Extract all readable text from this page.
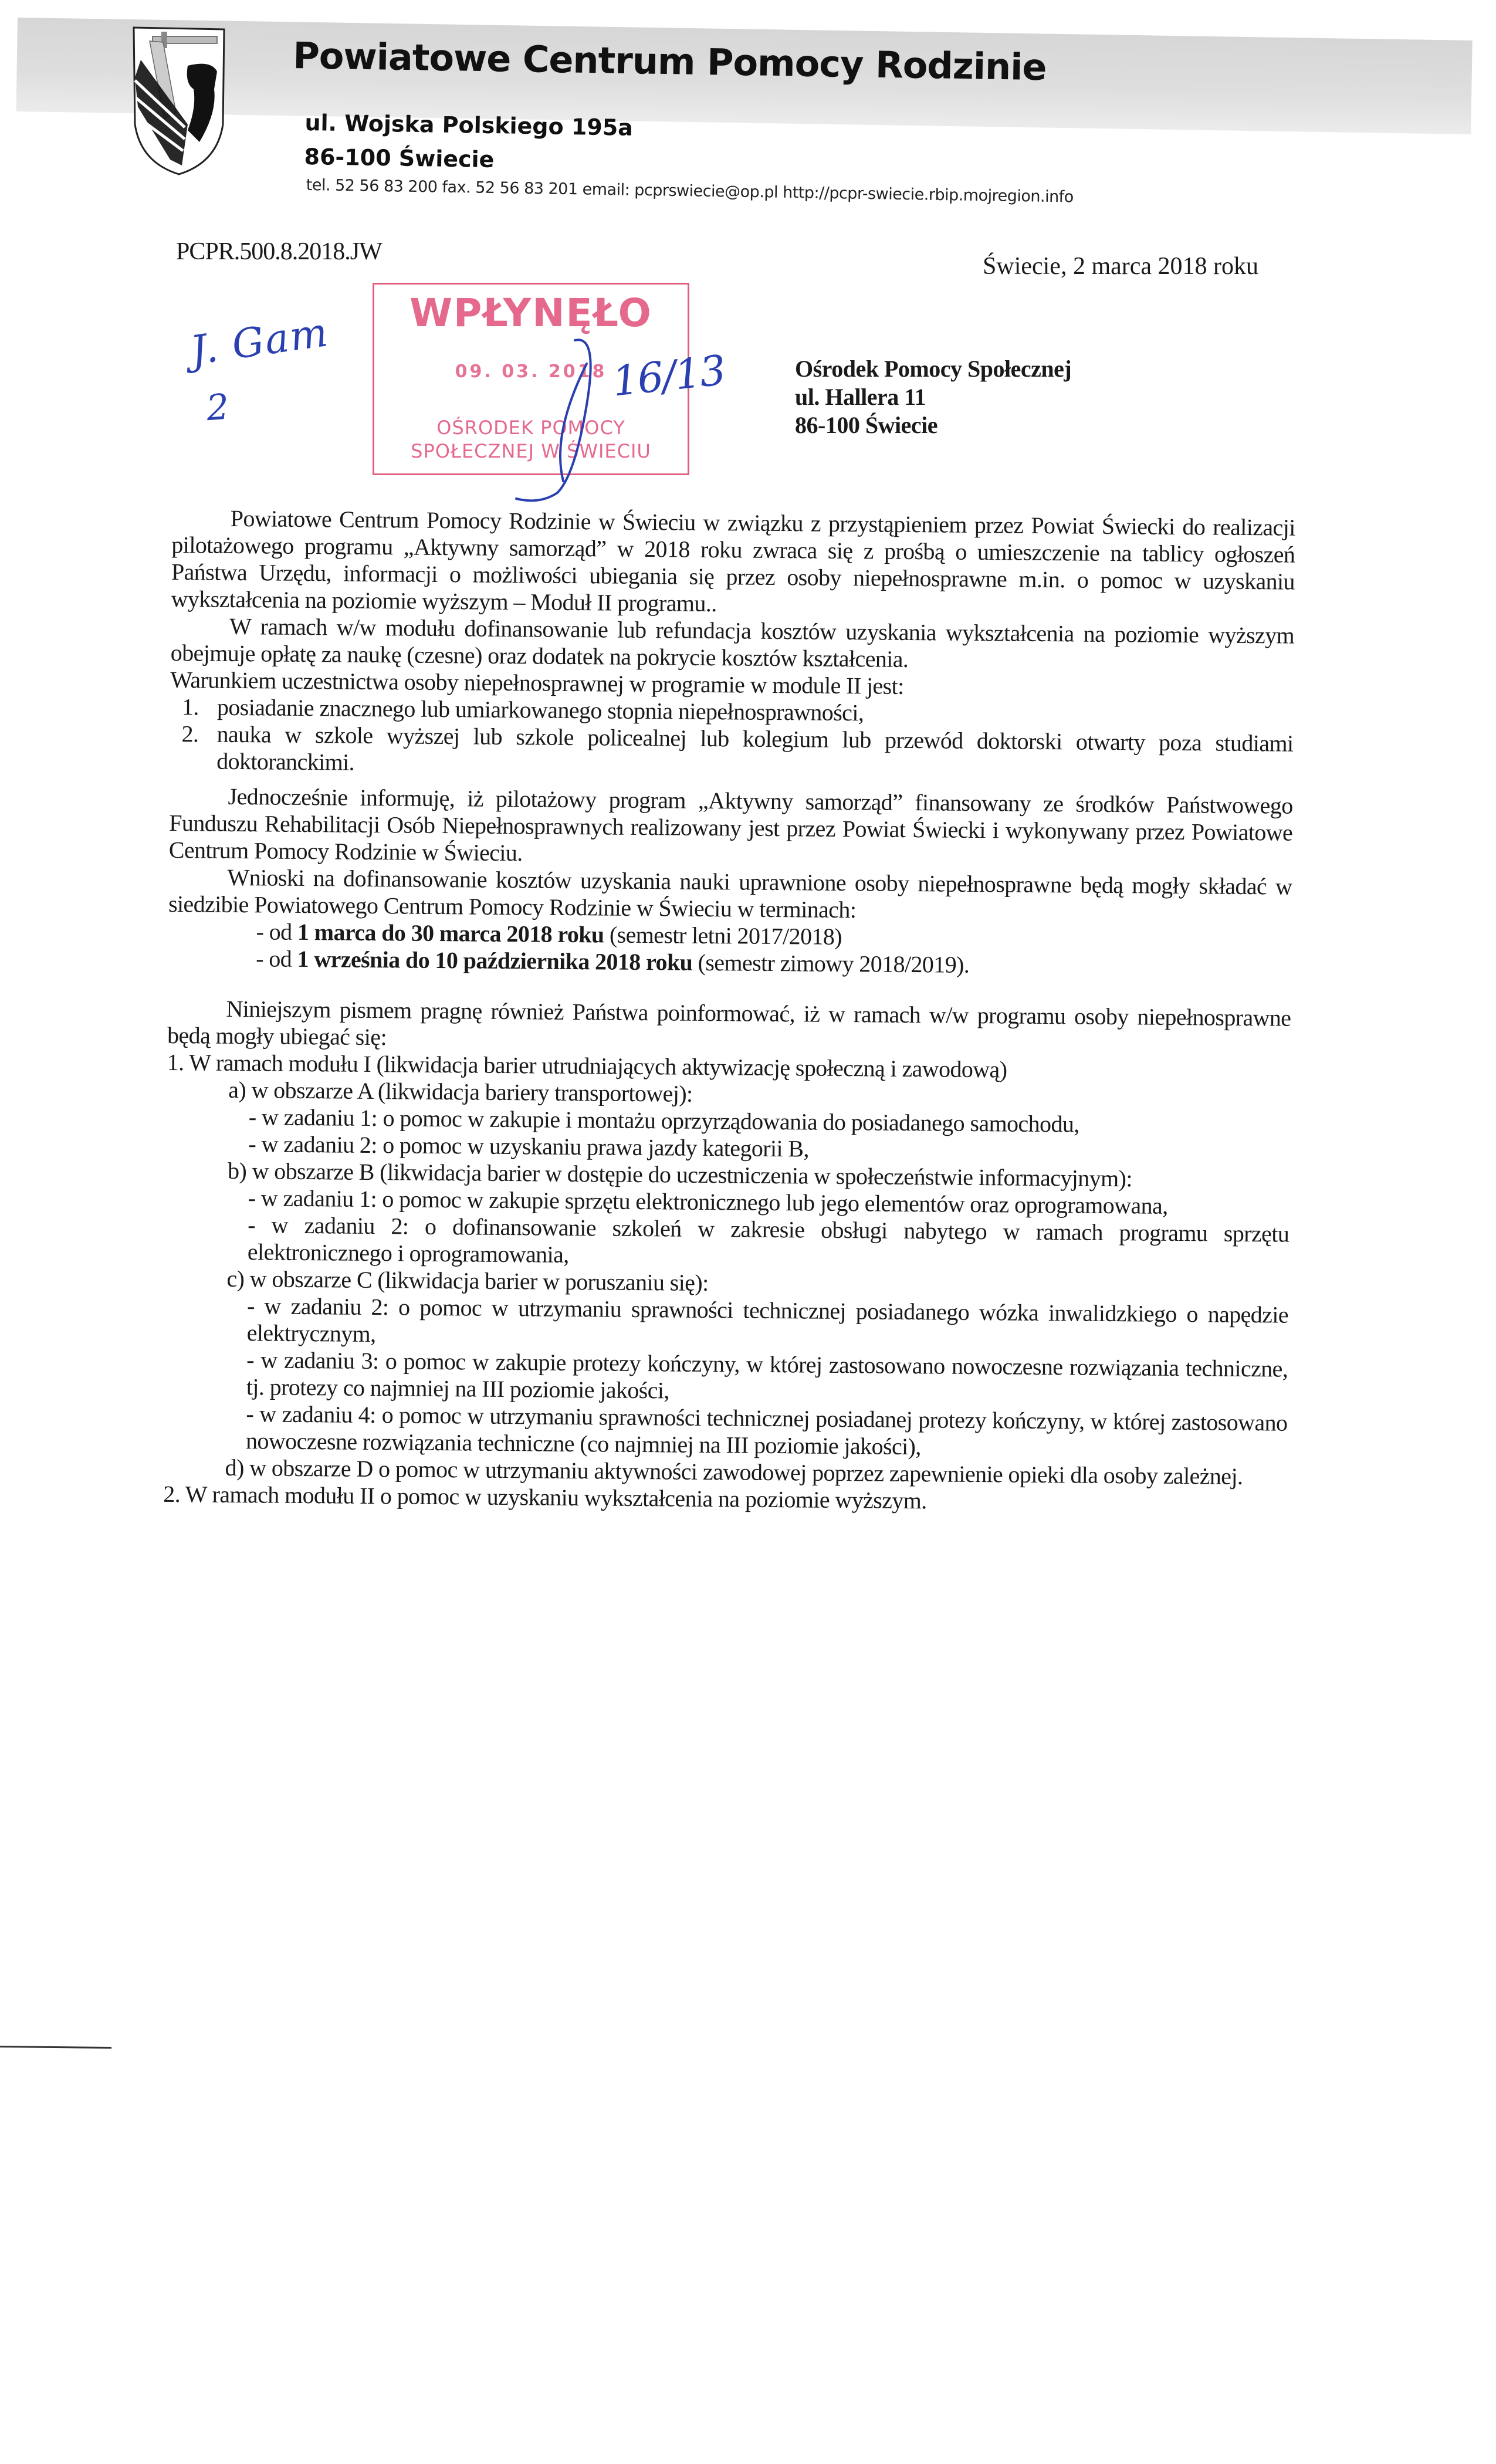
Powiatowe Centrum Pomocy Rodzinie
ul. Wojska Polskiego 195a
86-100 Świecie
tel. 52 56 83 200 fax. 52 56 83 201 email: pcprswiecie@op.pl http://pcpr-swiecie.rbip.mojregion.info
PCPR.500.8.2018.JW
Świecie, 2 marca 2018 roku
WPŁYNĘŁO
09. 03. 2018
OŚRODEK POMOCY
SPOŁECZNEJ W ŚWIECIU
J. Gam
2
16/13	Ośrodek Pomocy Społecznej
ul. Hallera 11
86-100 Świecie

Powiatowe Centrum Pomocy Rodzinie w Świeciu w związku z przystąpieniem przez Powiat Świecki do realizacji pilotażowego programu „Aktywny samorząd” w 2018 roku zwraca się z prośbą o umieszczenie na tablicy ogłoszeń Państwa Urzędu, informacji o możliwości ubiegania się przez osoby niepełnosprawne m.in. o pomoc w uzyskaniu wykształcenia na poziomie wyższym – Moduł II programu..

W ramach w/w modułu dofinansowanie lub refundacja kosztów uzyskania wykształcenia na poziomie wyższym obejmuje opłatę za naukę (czesne) oraz dodatek na pokrycie kosztów kształcenia.

Warunkiem uczestnictwa osoby niepełnosprawnej w programie w module II jest:

1. posiadanie znacznego lub umiarkowanego stopnia niepełnosprawności,
2. nauka w szkole wyższej lub szkole policealnej lub kolegium lub przewód doktorski otwarty poza studiami doktoranckimi.

Jednocześnie informuję, iż pilotażowy program „Aktywny samorząd” finansowany ze środków Państwowego Funduszu Rehabilitacji Osób Niepełnosprawnych realizowany jest przez Powiat Świecki i wykonywany przez Powiatowe Centrum Pomocy Rodzinie w Świeciu.

Wnioski na dofinansowanie kosztów uzyskania nauki uprawnione osoby niepełnosprawne będą mogły składać w siedzibie Powiatowego Centrum Pomocy Rodzinie w Świeciu w terminach:

- od 1 marca do 30 marca 2018 roku (semestr letni 2017/2018)
- od 1 września do 10 października 2018 roku (semestr zimowy 2018/2019).

Niniejszym pismem pragnę również Państwa poinformować, iż w ramach w/w programu osoby niepełnosprawne będą mogły ubiegać się:

1. W ramach modułu I (likwidacja barier utrudniających aktywizację społeczną i zawodową)
a) w obszarze A (likwidacja bariery transportowej):
- w zadaniu 1: o pomoc w zakupie i montażu oprzyrządowania do posiadanego samochodu,
- w zadaniu 2: o pomoc w uzyskaniu prawa jazdy kategorii B,
b) w obszarze B (likwidacja barier w dostępie do uczestniczenia w społeczeństwie informacyjnym):
- w zadaniu 1: o pomoc w zakupie sprzętu elektronicznego lub jego elementów oraz oprogramowana,
- w zadaniu 2: o dofinansowanie szkoleń w zakresie obsługi nabytego w ramach programu sprzętu elektronicznego i oprogramowania,
c) w obszarze C (likwidacja barier w poruszaniu się):
- w zadaniu 2: o pomoc w utrzymaniu sprawności technicznej posiadanego wózka inwalidzkiego o napędzie elektrycznym,
- w zadaniu 3: o pomoc w zakupie protezy kończyny, w której zastosowano nowoczesne rozwiązania techniczne, tj. protezy co najmniej na III poziomie jakości,
- w zadaniu 4: o pomoc w utrzymaniu sprawności technicznej posiadanej protezy kończyny, w której zastosowano nowoczesne rozwiązania techniczne (co najmniej na III poziomie jakości),
d) w obszarze D o pomoc w utrzymaniu aktywności zawodowej poprzez zapewnienie opieki dla osoby zależnej.
2. W ramach modułu II o pomoc w uzyskaniu wykształcenia na poziomie wyższym.
